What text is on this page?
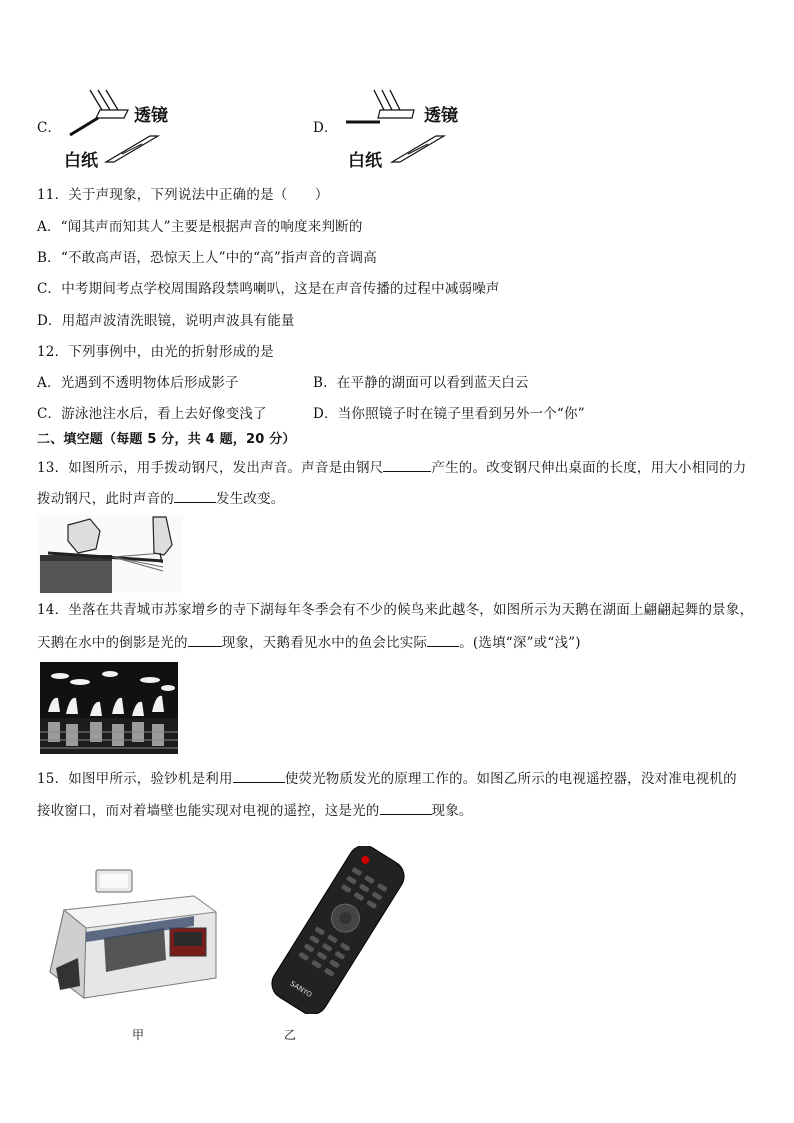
C．
透镜
白纸
D．
透镜
白纸
11．关于声现象，下列说法中正确的是（　　）
A．“闻其声而知其人”主要是根据声音的响度来判断的
B．“不敢高声语，恐惊天上人”中的“高”指声音的音调高
C．中考期间考点学校周围路段禁鸣喇叭，这是在声音传播的过程中减弱噪声
D．用超声波清洗眼镜，说明声波具有能量
12．下列事例中，由光的折射形成的是
A．光遇到不透明物体后形成影子	B．在平静的湖面可以看到蓝天白云
C．游泳池注水后，看上去好像变浅了	D．当你照镜子时在镜子里看到另外一个“你”
二、填空题（每题 5 分，共 4 题，20 分）
13．如图所示，用手拨动钢尺，发出声音。声音是由钢尺	产生的。改变钢尺伸出桌面的长度，用大小相同的力
拨动钢尺，此时声音的	发生改变。
14．坐落在共青城市苏家增乡的寺下湖每年冬季会有不少的候鸟来此越冬，如图所示为天鹅在湖面上翩翩起舞的景象，
天鹅在水中的倒影是光的	现象，天鹅看见水中的鱼会比实际 。(选填“深”或“浅”)
15．如图甲所示，验钞机是利用	使荧光物质发光的原理工作的。如图乙所示的电视遥控器，没对准电视机的
接收窗口，而对着墙壁也能实现对电视的遥控，这是光的	现象。
甲
SANYO
乙
